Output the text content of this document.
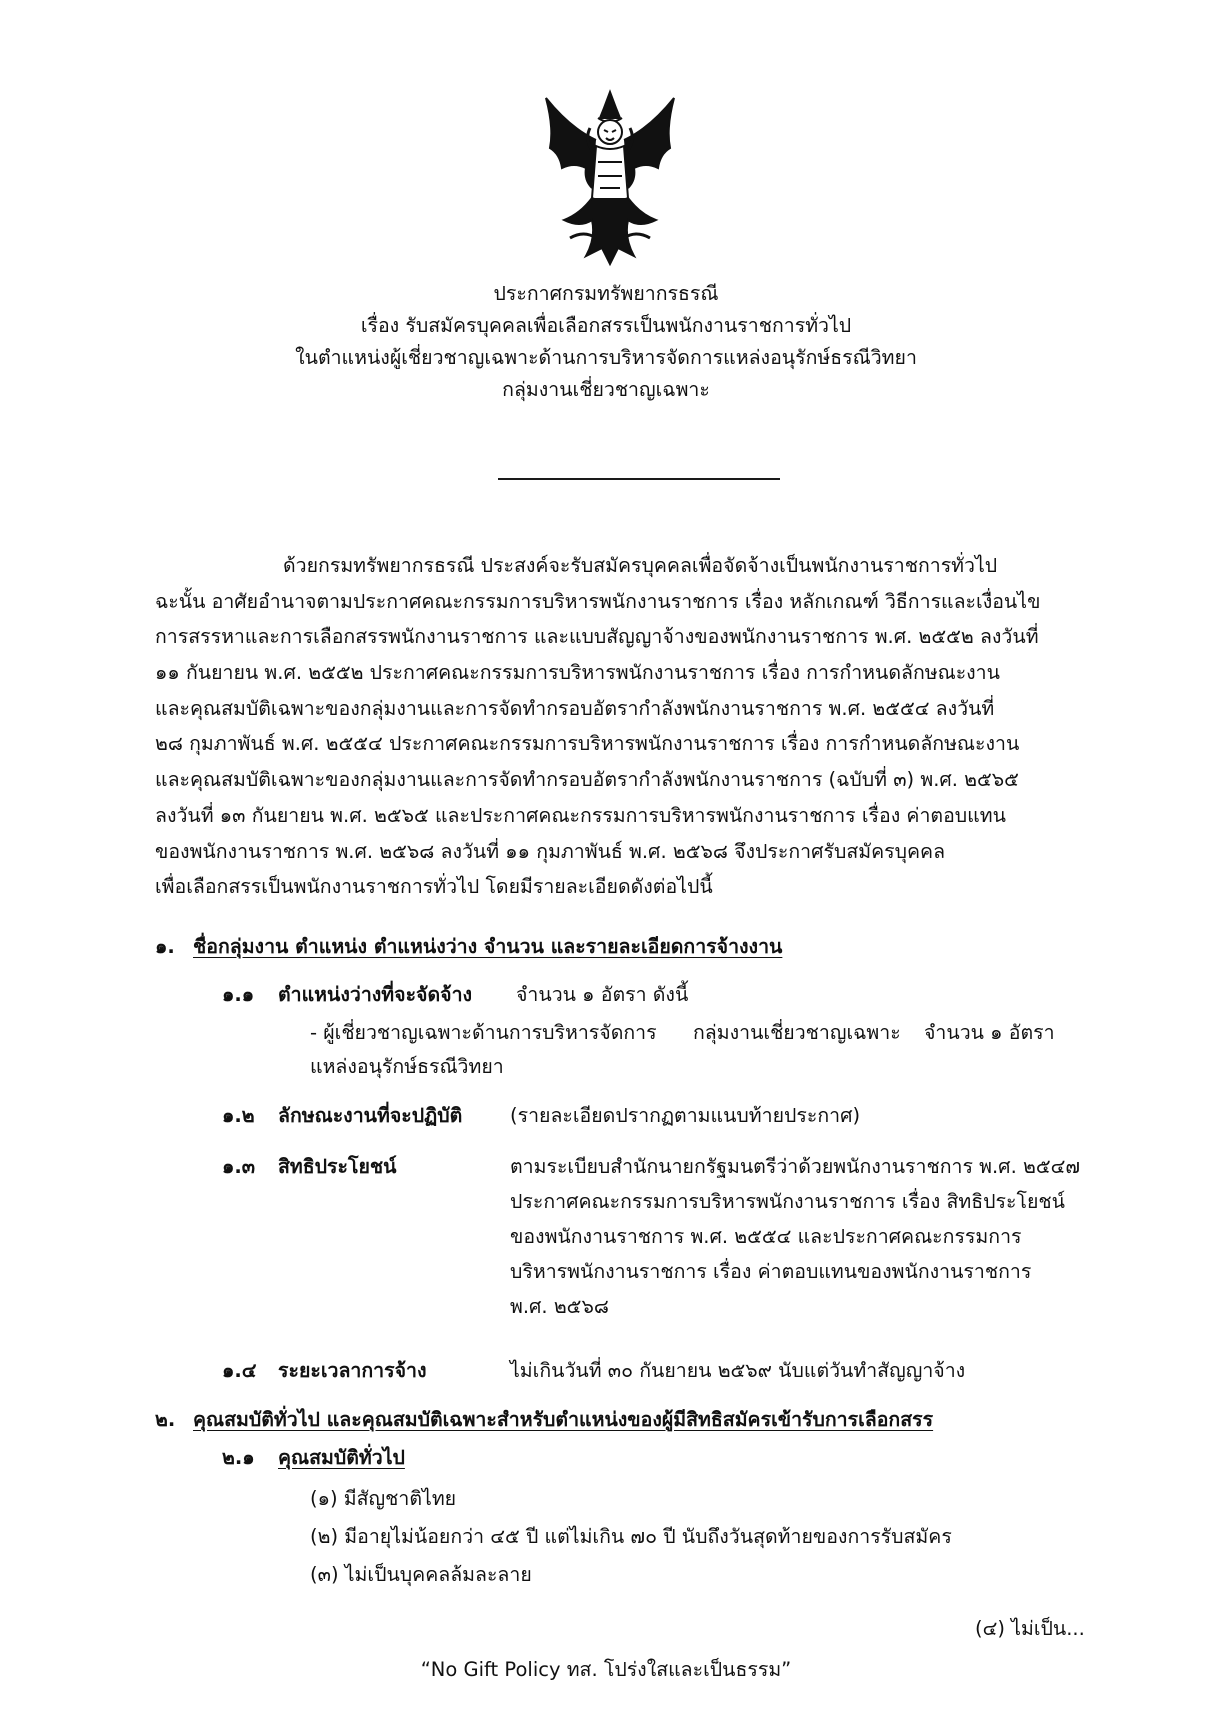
ประกาศกรมทรัพยากรธรณี
เรื่อง รับสมัครบุคคลเพื่อเลือกสรรเป็นพนักงานราชการทั่วไป
ในตำแหน่งผู้เชี่ยวชาญเฉพาะด้านการบริหารจัดการแหล่งอนุรักษ์ธรณีวิทยา
กลุ่มงานเชี่ยวชาญเฉพาะ
ด้วยกรมทรัพยากรธรณี ประสงค์จะรับสมัครบุคคลเพื่อจัดจ้างเป็นพนักงานราชการทั่วไป
ฉะนั้น อาศัยอำนาจตามประกาศคณะกรรมการบริหารพนักงานราชการ เรื่อง หลักเกณฑ์ วิธีการและเงื่อนไข
การสรรหาและการเลือกสรรพนักงานราชการ และแบบสัญญาจ้างของพนักงานราชการ พ.ศ. ๒๕๕๒ ลงวันที่
๑๑ กันยายน พ.ศ. ๒๕๕๒ ประกาศคณะกรรมการบริหารพนักงานราชการ เรื่อง การกำหนดลักษณะงาน
และคุณสมบัติเฉพาะของกลุ่มงานและการจัดทำกรอบอัตรากำลังพนักงานราชการ พ.ศ. ๒๕๕๔ ลงวันที่
๒๘ กุมภาพันธ์ พ.ศ. ๒๕๕๔ ประกาศคณะกรรมการบริหารพนักงานราชการ เรื่อง การกำหนดลักษณะงาน
และคุณสมบัติเฉพาะของกลุ่มงานและการจัดทำกรอบอัตรากำลังพนักงานราชการ (ฉบับที่ ๓) พ.ศ. ๒๕๖๕
ลงวันที่ ๑๓ กันยายน พ.ศ. ๒๕๖๕ และประกาศคณะกรรมการบริหารพนักงานราชการ เรื่อง ค่าตอบแทน
ของพนักงานราชการ พ.ศ. ๒๕๖๘ ลงวันที่ ๑๑ กุมภาพันธ์ พ.ศ. ๒๕๖๘ จึงประกาศรับสมัครบุคคล
เพื่อเลือกสรรเป็นพนักงานราชการทั่วไป โดยมีรายละเอียดดังต่อไปนี้
๑. ชื่อกลุ่มงาน ตำแหน่ง ตำแหน่งว่าง จำนวน และรายละเอียดการจ้างงาน
๑.๑ ตำแหน่งว่างที่จะจัดจ้าง จำนวน ๑ อัตรา ดังนี้
- ผู้เชี่ยวชาญเฉพาะด้านการบริหารจัดการ กลุ่มงานเชี่ยวชาญเฉพาะ จำนวน ๑ อัตรา
แหล่งอนุรักษ์ธรณีวิทยา
๑.๒ ลักษณะงานที่จะปฏิบัติ (รายละเอียดปรากฏตามแนบท้ายประกาศ)
๑.๓ สิทธิประโยชน์	ตามระเบียบสำนักนายกรัฐมนตรีว่าด้วยพนักงานราชการ พ.ศ. ๒๕๔๗
ประกาศคณะกรรมการบริหารพนักงานราชการ เรื่อง สิทธิประโยชน์
ของพนักงานราชการ พ.ศ. ๒๕๕๔ และประกาศคณะกรรมการ
บริหารพนักงานราชการ เรื่อง ค่าตอบแทนของพนักงานราชการ
พ.ศ. ๒๕๖๘
๑.๔ ระยะเวลาการจ้าง	ไม่เกินวันที่ ๓๐ กันยายน ๒๕๖๙ นับแต่วันทำสัญญาจ้าง
๒. คุณสมบัติทั่วไป และคุณสมบัติเฉพาะสำหรับตำแหน่งของผู้มีสิทธิสมัครเข้ารับการเลือกสรร
๒.๑ คุณสมบัติทั่วไป
(๑) มีสัญชาติไทย
(๒) มีอายุไม่น้อยกว่า ๔๕ ปี แต่ไม่เกิน ๗๐ ปี นับถึงวันสุดท้ายของการรับสมัคร
(๓) ไม่เป็นบุคคลล้มละลาย
(๔) ไม่เป็น...
“No Gift Policy ทส. โปร่งใสและเป็นธรรม”
